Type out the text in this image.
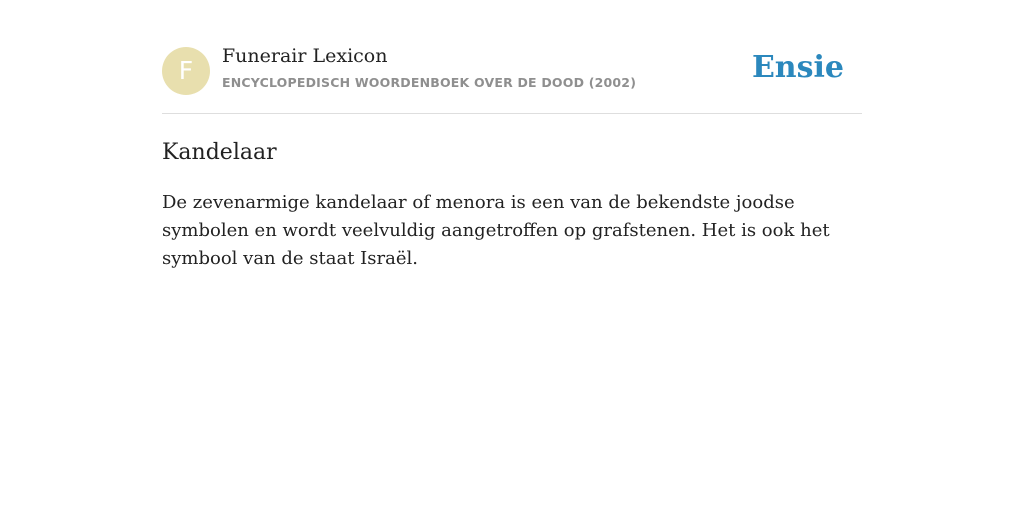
F	Funerair Lexicon
ENCYCLOPEDISCH WOORDENBOEK OVER DE DOOD (2002)	Ensie
Kandelaar

De zevenarmige kandelaar of menora is een van de bekendste joodse symbolen en wordt veelvuldig aangetroffen op grafstenen. Het is ook het symbool van de staat Israël.
